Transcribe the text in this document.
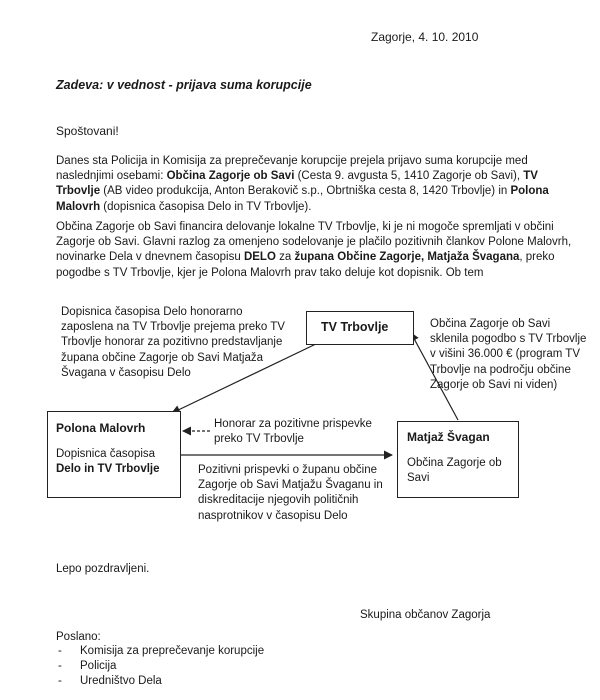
Zagorje, 4. 10. 2010
Zadeva: v vednost - prijava suma korupcije
Spoštovani!
Danes sta Policija in Komisija za preprečevanje korupcije prejela prijavo suma korupcije med naslednjimi osebami: Občina Zagorje ob Savi (Cesta 9. avgusta 5, 1410 Zagorje ob Savi), TV Trbovlje (AB video produkcija, Anton Berakovič s.p., Obrtniška cesta 8, 1420 Trbovlje) in Polona Malovrh (dopisnica časopisa Delo in TV Trbovlje).
Občina Zagorje ob Savi financira delovanje lokalne TV Trbovlje, ki je ni mogoče spremljati v občini Zagorje ob Savi. Glavni razlog za omenjeno sodelovanje je plačilo pozitivnih člankov Polone Malovrh, novinarke Dela v dnevnem časopisu DELO za župana Občine Zagorje, Matjaža Švagana, preko pogodbe s TV Trbovlje, kjer je Polona Malovrh prav tako deluje kot dopisnik. Ob tem
TV Trbovlje
Polona Malovrh
Dopisnica časopisa
Delo in TV Trbovlje
Matjaž Švagan
Občina Zagorje ob Savi
Dopisnica časopisa Delo honorarno zaposlena na TV Trbovlje prejema preko TV Trbovlje honorar za pozitivno predstavljanje župana občine Zagorje ob Savi Matjaža Švagana v časopisu Delo
Občina Zagorje ob Savi sklenila pogodbo s TV Trbovlje v višini 36.000 € (program TV Trbovlje na področju občine Zagorje ob Savi ni viden)
Honorar za pozitivne prispevke preko TV Trbovlje
Pozitivni prispevki o županu občine Zagorje ob Savi Matjažu Švaganu in diskreditacije njegovih političnih nasprotnikov v časopisu Delo
Lepo pozdravljeni.
Skupina občanov Zagorja
Poslano:
- Komisija za preprečevanje korupcije
- Policija
- Uredništvo Dela
